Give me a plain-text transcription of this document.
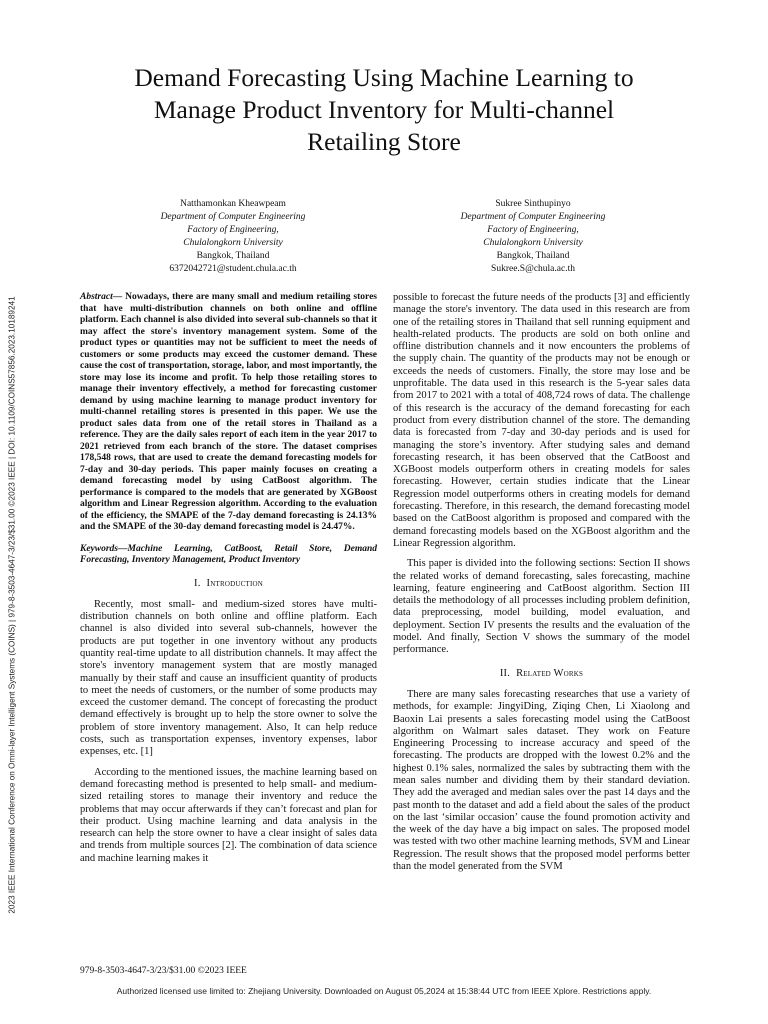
2023 IEEE International Conference on Omni-layer Intelligent Systems (COINS) | 979-8-3503-4647-3/23/$31.00 ©2023 IEEE | DOI: 10.1109/COINS57856.2023.10189241
Demand Forecasting Using Machine Learning to
Manage Product Inventory for Multi-channel
Retailing Store
Natthamonkan Kheawpeam
Department of Computer Engineering
Factory of Engineering,
Chulalongkorn University
Bangkok, Thailand
6372042721@student.chula.ac.th
Sukree Sinthupinyo
Department of Computer Engineering
Factory of Engineering,
Chulalongkorn University
Bangkok, Thailand
Sukree.S@chula.ac.th

Abstract— Nowadays, there are many small and medium retailing stores that have multi-distribution channels on both online and offline platform. Each channel is also divided into several sub-channels so that it may affect the store's inventory management system. Some of the product types or quantities may not be sufficient to meet the needs of customers or some products may exceed the customer demand. These cause the cost of transportation, storage, labor, and most importantly, the store may lose its income and profit. To help those retailing stores to manage their inventory effectively, a method for forecasting customer demand by using machine learning to manage product inventory for multi-channel retailing stores is presented in this paper. We use the product sales data from one of the retail stores in Thailand as a reference. They are the daily sales report of each item in the year 2017 to 2021 retrieved from each branch of the store. The dataset comprises 178,548 rows, that are used to create the demand forecasting models for 7-day and 30-day periods. This paper mainly focuses on creating a demand forecasting model by using CatBoost algorithm. The performance is compared to the models that are generated by XGBoost algorithm and Linear Regression algorithm. According to the evaluation of the efficiency, the SMAPE of the 7-day demand forecasting is 24.13% and the SMAPE of the 30-day demand forecasting model is 24.47%.

Keywords—Machine Learning, CatBoost, Retail Store, Demand Forecasting, Inventory Management, Product Inventory

I. Introduction

Recently, most small- and medium-sized stores have multi-distribution channels on both online and offline platform. Each channel is also divided into several sub-channels, however the products are put together in one inventory without any products quantity real-time update to all distribution channels. It may affect the store's inventory management system that are mostly managed manually by their staff and cause an insufficient quantity of products to meet the needs of customers, or the number of some products may exceed the customer demand. The concept of forecasting the product demand effectively is brought up to help the store owner to solve the problem of store inventory management. Also, It can help reduce costs, such as transportation expenses, inventory expenses, labor expenses, etc. [1]

According to the mentioned issues, the machine learning based on demand forecasting method is presented to help small- and medium-sized retailing stores to manage their inventory and reduce the problems that may occur afterwards if they can’t forecast and plan for their product. Using machine learning and data analysis in the research can help the store owner to have a clear insight of sales data and trends from multiple sources [2]. The combination of data science and machine learning makes it

possible to forecast the future needs of the products [3] and efficiently manage the store's inventory. The data used in this research are from one of the retailing stores in Thailand that sell running equipment and health-related products. The products are sold on both online and offline distribution channels and it now encounters the problems of the supply chain. The quantity of the products may not be enough or exceeds the needs of customers. Finally, the store may lose and be unprofitable. The data used in this research is the 5-year sales data from 2017 to 2021 with a total of 408,724 rows of data. The challenge of this research is the accuracy of the demand forecasting for each product from every distribution channel of the store. The demanding data is forecasted from 7-day and 30-day periods and is used for managing the store’s inventory. After studying sales and demand forecasting research, it has been observed that the CatBoost and XGBoost models outperform others in creating models for sales forecasting. However, certain studies indicate that the Linear Regression model outperforms others in creating models for demand forecasting. Therefore, in this research, the demand forecasting model based on the CatBoost algorithm is proposed and compared with the demand forecasting models based on the XGBoost algorithm and the Linear Regression algorithm.

This paper is divided into the following sections: Section II shows the related works of demand forecasting, sales forecasting, machine learning, feature engineering and CatBoost algorithm. Section III details the methodology of all processes including problem definition, data preprocessing, model building, model evaluation, and deployment. Section IV presents the results and the evaluation of the model. And finally, Section V shows the summary of the model performance.

II. Related Works

There are many sales forecasting researches that use a variety of methods, for example: JingyiDing, Ziqing Chen, Li Xiaolong and Baoxin Lai presents a sales forecasting model using the CatBoost algorithm on Walmart sales dataset. They work on Feature Engineering Processing to increase accuracy and speed of the forecasting. The products are dropped with the lowest 0.2% and the highest 0.1% sales, normalized the sales by subtracting them with the mean sales number and dividing them by their standard deviation. They add the averaged and median sales over the past 14 days and the past month to the dataset and add a field about the sales of the product on the last ‘similar occasion’ cause the found promotion activity and the week of the day have a big impact on sales. The proposed model was tested with two other machine learning methods, SVM and Linear Regression. The result shows that the proposed model performs better than the model generated from the SVM

979-8-3503-4647-3/23/$31.00 ©2023 IEEE
Authorized licensed use limited to: Zhejiang University. Downloaded on August 05,2024 at 15:38:44 UTC from IEEE Xplore. Restrictions apply.
